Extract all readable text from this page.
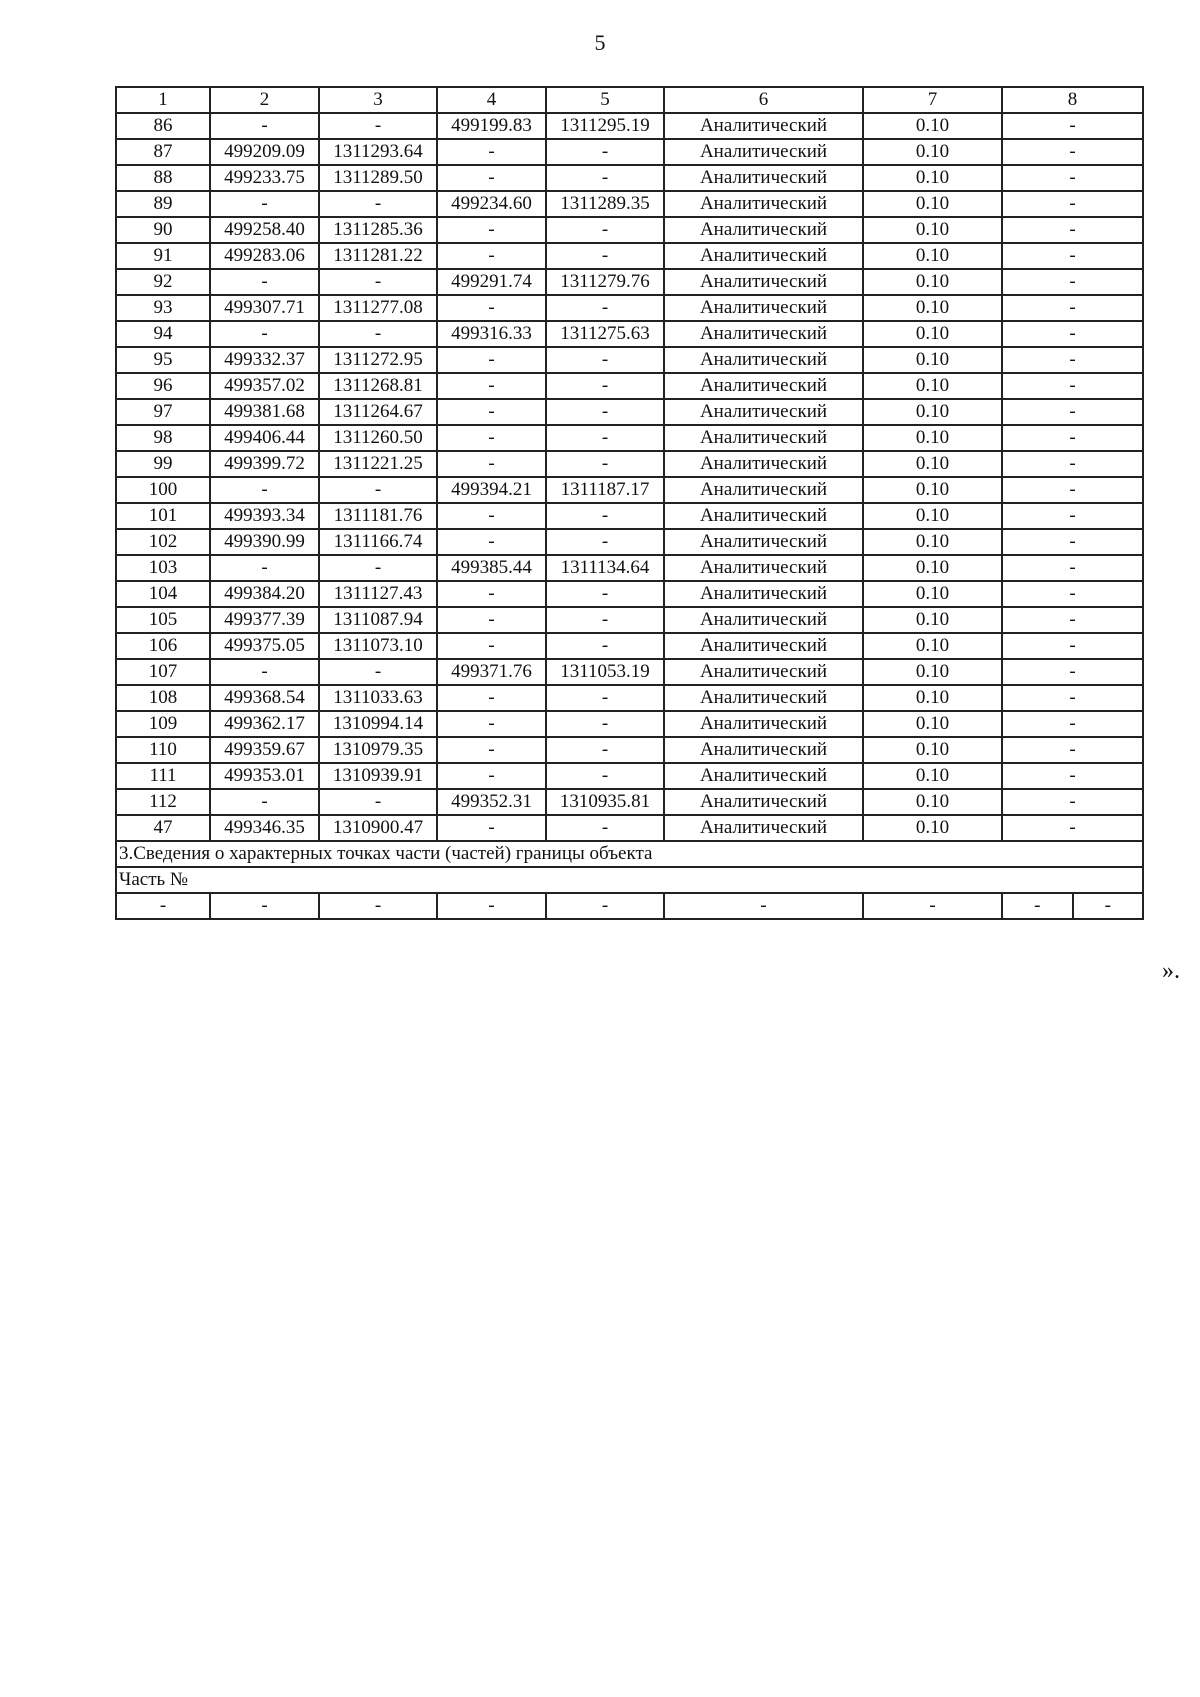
5
1	2	3	4	5	6	7	8
86	-	-	499199.83	1311295.19	Аналитический	0.10	-
87	499209.09	1311293.64	-	-	Аналитический	0.10	-
88	499233.75	1311289.50	-	-	Аналитический	0.10	-
89	-	-	499234.60	1311289.35	Аналитический	0.10	-
90	499258.40	1311285.36	-	-	Аналитический	0.10	-
91	499283.06	1311281.22	-	-	Аналитический	0.10	-
92	-	-	499291.74	1311279.76	Аналитический	0.10	-
93	499307.71	1311277.08	-	-	Аналитический	0.10	-
94	-	-	499316.33	1311275.63	Аналитический	0.10	-
95	499332.37	1311272.95	-	-	Аналитический	0.10	-
96	499357.02	1311268.81	-	-	Аналитический	0.10	-
97	499381.68	1311264.67	-	-	Аналитический	0.10	-
98	499406.44	1311260.50	-	-	Аналитический	0.10	-
99	499399.72	1311221.25	-	-	Аналитический	0.10	-
100	-	-	499394.21	1311187.17	Аналитический	0.10	-
101	499393.34	1311181.76	-	-	Аналитический	0.10	-
102	499390.99	1311166.74	-	-	Аналитический	0.10	-
103	-	-	499385.44	1311134.64	Аналитический	0.10	-
104	499384.20	1311127.43	-	-	Аналитический	0.10	-
105	499377.39	1311087.94	-	-	Аналитический	0.10	-
106	499375.05	1311073.10	-	-	Аналитический	0.10	-
107	-	-	499371.76	1311053.19	Аналитический	0.10	-
108	499368.54	1311033.63	-	-	Аналитический	0.10	-
109	499362.17	1310994.14	-	-	Аналитический	0.10	-
110	499359.67	1310979.35	-	-	Аналитический	0.10	-
111	499353.01	1310939.91	-	-	Аналитический	0.10	-
112	-	-	499352.31	1310935.81	Аналитический	0.10	-
47	499346.35	1310900.47	-	-	Аналитический	0.10	-
3.Сведения о характерных точках части (частей) границы объекта							
Часть №							
-	-	-	-	-	-	-	- -
».
